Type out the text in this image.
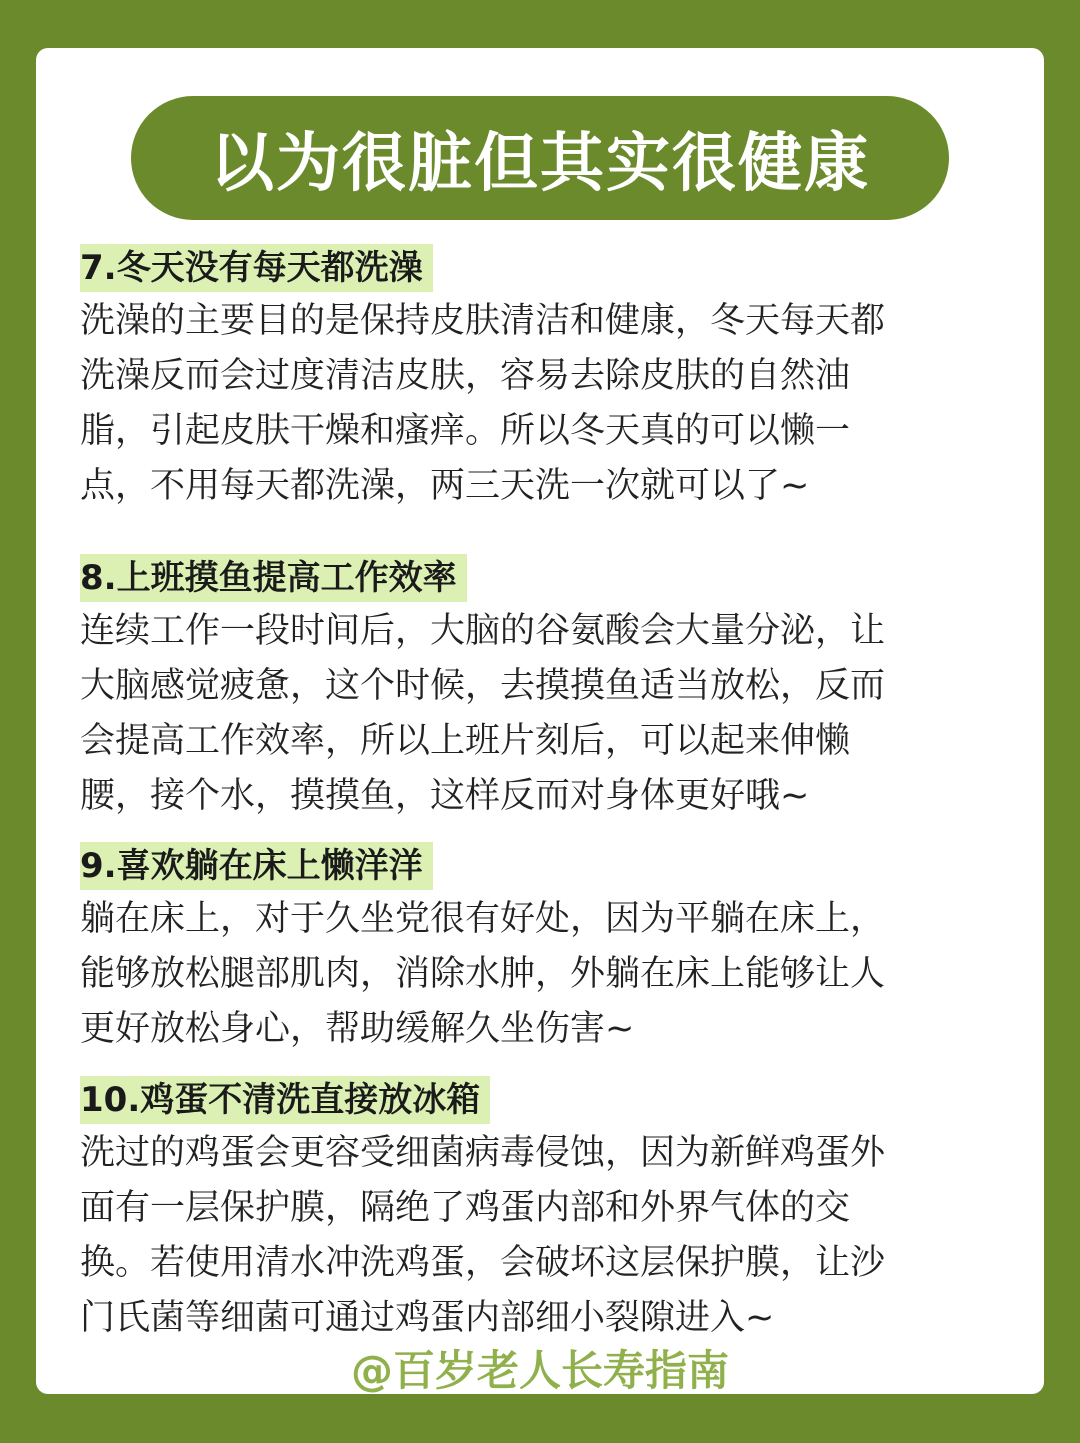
以为很脏但其实很健康
7.冬天没有每天都洗澡
洗澡的主要目的是保持皮肤清洁和健康，冬天每天都
洗澡反而会过度清洁皮肤，容易去除皮肤的自然油
脂，引起皮肤干燥和瘙痒。所以冬天真的可以懒一
点，不用每天都洗澡，两三天洗一次就可以了~
8.上班摸鱼提高工作效率
连续工作一段时间后，大脑的谷氨酸会大量分泌，让
大脑感觉疲惫，这个时候，去摸摸鱼适当放松，反而
会提高工作效率，所以上班片刻后，可以起来伸懒
腰，接个水，摸摸鱼，这样反而对身体更好哦~
9.喜欢躺在床上懒洋洋
躺在床上，对于久坐党很有好处，因为平躺在床上，
能够放松腿部肌肉，消除水肿，外躺在床上能够让人
更好放松身心，帮助缓解久坐伤害~
10.鸡蛋不清洗直接放冰箱
洗过的鸡蛋会更容受细菌病毒侵蚀，因为新鲜鸡蛋外
面有一层保护膜，隔绝了鸡蛋内部和外界气体的交
换。若使用清水冲洗鸡蛋，会破坏这层保护膜，让沙
门氏菌等细菌可通过鸡蛋内部细小裂隙进入~
@百岁老人长寿指南
